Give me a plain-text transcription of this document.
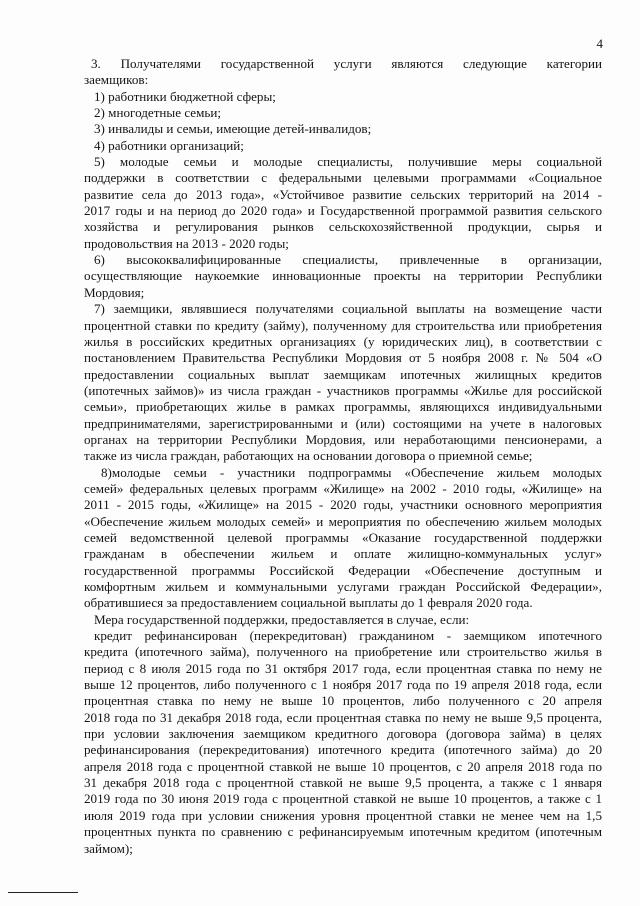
4
3. Получателями государственной услуги являются следующие категории
заемщиков:
1) работники бюджетной сферы;
2) многодетные семьи;
3) инвалиды и семьи, имеющие детей-инвалидов;
4) работники организаций;
5) молодые семьи и молодые специалисты, получившие меры социальной
поддержки в соответствии с федеральными целевыми программами «Социальное
развитие села до 2013 года», «Устойчивое развитие сельских территорий на 2014 -
2017 годы и на период до 2020 года» и Государственной программой развития сельского
хозяйства и регулирования рынков сельскохозяйственной продукции, сырья и
продовольствия на 2013 - 2020 годы;
6) высококвалифицированные специалисты, привлеченные в организации,
осуществляющие наукоемкие инновационные проекты на территории Республики
Мордовия;
7) заемщики, являвшиеся получателями социальной выплаты на возмещение части
процентной ставки по кредиту (займу), полученному для строительства или приобретения
жилья в российских кредитных организациях (у юридических лиц), в соответствии с
постановлением Правительства Республики Мордовия от 5 ноября 2008 г. № 504 «О
предоставлении социальных выплат заемщикам ипотечных жилищных кредитов
(ипотечных займов)» из числа граждан - участников программы «Жилье для российской
семьи», приобретающих жилье в рамках программы, являющихся индивидуальными
предпринимателями, зарегистрированными и (или) состоящими на учете в налоговых
органах на территории Республики Мордовия, или неработающими пенсионерами, а
также из числа граждан, работающих на основании договора о приемной семье;
8)молодые семьи - участники подпрограммы «Обеспечение жильем молодых
семей» федеральных целевых программ «Жилище» на 2002 - 2010 годы, «Жилище» на
2011 - 2015 годы, «Жилище» на 2015 - 2020 годы, участники основного мероприятия
«Обеспечение жильем молодых семей» и мероприятия по обеспечению жильем молодых
семей ведомственной целевой программы «Оказание государственной поддержки
гражданам в обеспечении жильем и оплате жилищно-коммунальных услуг»
государственной программы Российской Федерации «Обеспечение доступным и
комфортным жильем и коммунальными услугами граждан Российской Федерации»,
обратившиеся за предоставлением социальной выплаты до 1 февраля 2020 года.
Мера государственной поддержки, предоставляется в случае, если:
кредит рефинансирован (перекредитован) гражданином - заемщиком ипотечного
кредита (ипотечного займа), полученного на приобретение или строительство жилья в
период с 8 июля 2015 года по 31 октября 2017 года, если процентная ставка по нему не
выше 12 процентов, либо полученного с 1 ноября 2017 года по 19 апреля 2018 года, если
процентная ставка по нему не выше 10 процентов, либо полученного с 20 апреля
2018 года по 31 декабря 2018 года, если процентная ставка по нему не выше 9,5 процента,
при условии заключения заемщиком кредитного договора (договора займа) в целях
рефинансирования (перекредитования) ипотечного кредита (ипотечного займа) до 20
апреля 2018 года с процентной ставкой не выше 10 процентов, с 20 апреля 2018 года по
31 декабря 2018 года с процентной ставкой не выше 9,5 процента, а также с 1 января
2019 года по 30 июня 2019 года с процентной ставкой не выше 10 процентов, а также с 1
июля 2019 года при условии снижения уровня процентной ставки не менее чем на 1,5
процентных пункта по сравнению с рефинансируемым ипотечным кредитом (ипотечным
займом);
